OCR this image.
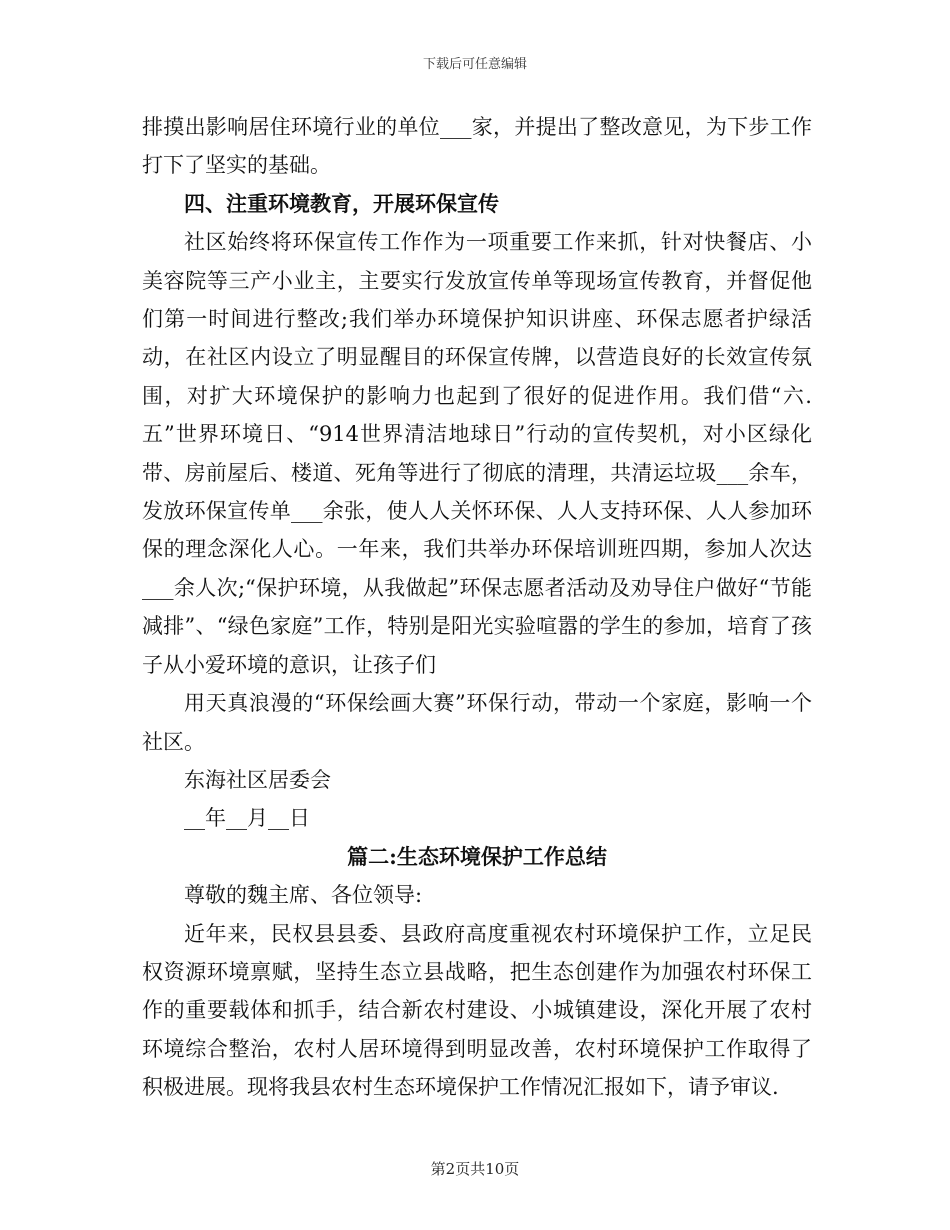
下载后可任意编辑

排摸出影响居住环境行业的单位___家，并提出了整改意见，为下步工作打下了坚实的基础。

四、注重环境教育，开展环保宣传

社区始终将环保宣传工作作为一项重要工作来抓，针对快餐店、小美容院等三产小业主，主要实行发放宣传单等现场宣传教育，并督促他们第一时间进行整改;我们举办环境保护知识讲座、环保志愿者护绿活动，在社区内设立了明显醒目的环保宣传牌，以营造良好的长效宣传氛围，对扩大环境保护的影响力也起到了很好的促进作用。我们借“六.五”世界环境日、“914世界清洁地球日”行动的宣传契机，对小区绿化带、房前屋后、楼道、死角等进行了彻底的清理，共清运垃圾___余车，发放环保宣传单___余张，使人人关怀环保、人人支持环保、人人参加环保的理念深化人心。一年来，我们共举办环保培训班四期，参加人次达___余人次;“保护环境，从我做起”环保志愿者活动及劝导住户做好“节能减排”、“绿色家庭”工作，特别是阳光实验喧嚣的学生的参加，培育了孩子从小爱环境的意识，让孩子们

用天真浪漫的“环保绘画大赛”环保行动，带动一个家庭，影响一个社区。

东海社区居委会

__年__月__日

篇二:生态环境保护工作总结

尊敬的魏主席、各位领导:

近年来，民权县县委、县政府高度重视农村环境保护工作，立足民权资源环境禀赋，坚持生态立县战略，把生态创建作为加强农村环保工作的重要载体和抓手，结合新农村建设、小城镇建设，深化开展了农村环境综合整治，农村人居环境得到明显改善，农村环境保护工作取得了积极进展。现将我县农村生态环境保护工作情况汇报如下，请予审议.

第2页共10页
